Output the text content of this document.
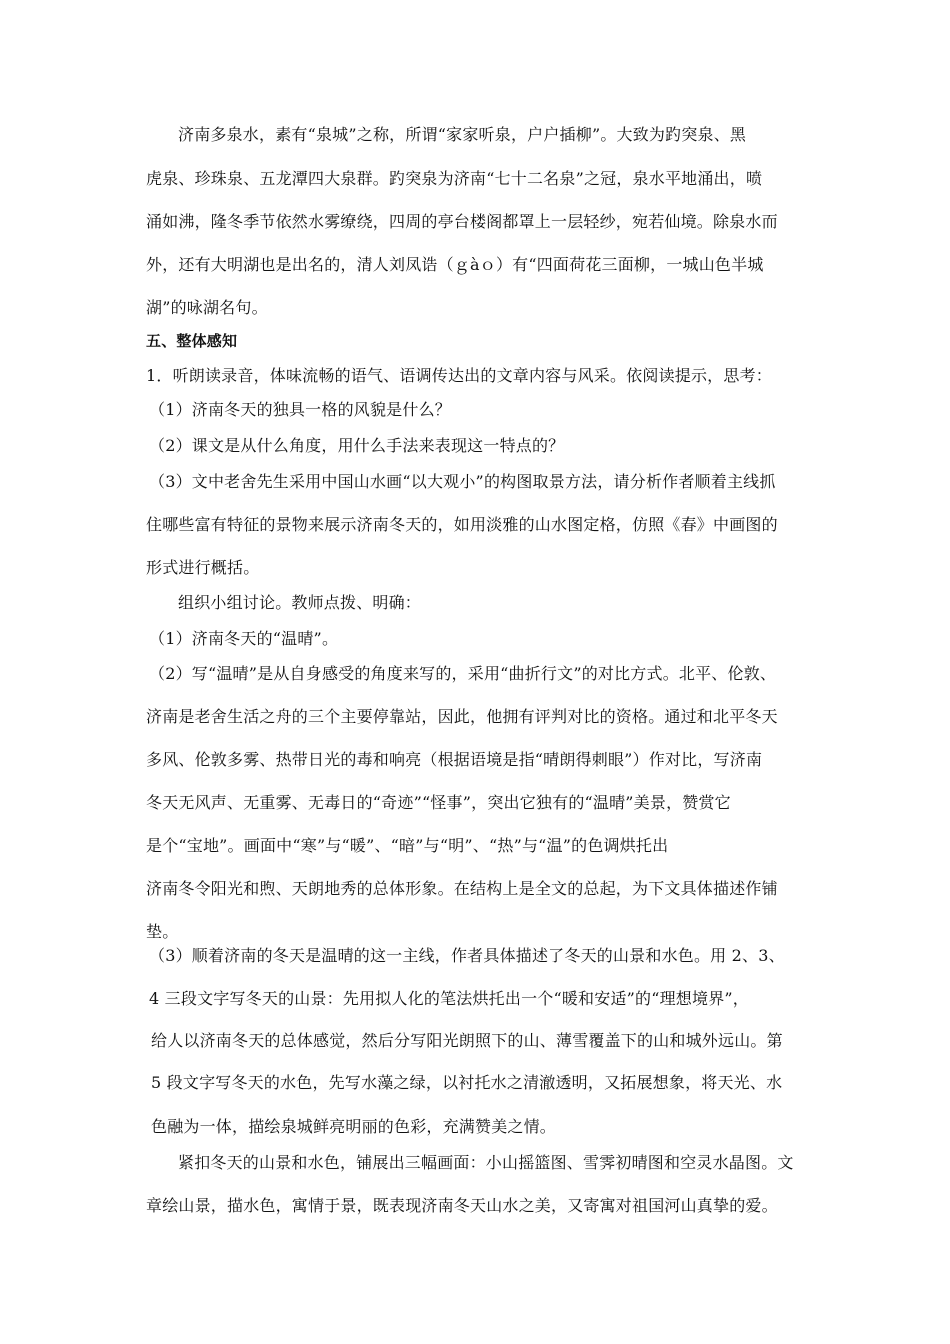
济南多泉水，素有“泉城”之称，所谓“家家听泉，户户插柳”。大致为趵突泉、黑
虎泉、珍珠泉、五龙潭四大泉群。趵突泉为济南“七十二名泉”之冠，泉水平地涌出，喷
涌如沸，隆冬季节依然水雾缭绕，四周的亭台楼阁都罩上一层轻纱，宛若仙境。除泉水而
外，还有大明湖也是出名的，清人刘凤诰（ｇàｏ）有“四面荷花三面柳，一城山色半城
湖”的咏湖名句。
五、整体感知
1．听朗读录音，体味流畅的语气、语调传达出的文章内容与风采。依阅读提示，思考：
（1）济南冬天的独具一格的风貌是什么？
（2）课文是从什么角度，用什么手法来表现这一特点的？
（3）文中老舍先生采用中国山水画“以大观小”的构图取景方法，请分析作者顺着主线抓
住哪些富有特征的景物来展示济南冬天的，如用淡雅的山水图定格，仿照《春》中画图的
形式进行概括。
组织小组讨论。教师点拨、明确：
（1）济南冬天的“温晴”。
（2）写“温晴”是从自身感受的角度来写的，采用“曲折行文”的对比方式。北平、伦敦、
济南是老舍生活之舟的三个主要停靠站，因此，他拥有评判对比的资格。通过和北平冬天
多风、伦敦多雾、热带日光的毒和响亮（根据语境是指“晴朗得刺眼”）作对比，写济南
冬天无风声、无重雾、无毒日的“奇迹”“怪事”，突出它独有的“温晴”美景，赞赏它
是个“宝地”。画面中“寒”与“暖”、“暗”与“明”、“热”与“温”的色调烘托出
济南冬令阳光和煦、天朗地秀的总体形象。在结构上是全文的总起，为下文具体描述作铺
垫。
（3）顺着济南的冬天是温晴的这一主线，作者具体描述了冬天的山景和水色。用 2、3、
4 三段文字写冬天的山景：先用拟人化的笔法烘托出一个“暖和安适”的“理想境界”，
给人以济南冬天的总体感觉，然后分写阳光朗照下的山、薄雪覆盖下的山和城外远山。第
5 段文字写冬天的水色，先写水藻之绿，以衬托水之清澈透明，又拓展想象，将天光、水
色融为一体，描绘泉城鲜亮明丽的色彩，充满赞美之情。
紧扣冬天的山景和水色，铺展出三幅画面：小山摇篮图、雪霁初晴图和空灵水晶图。文
章绘山景，描水色，寓情于景，既表现济南冬天山水之美，又寄寓对祖国河山真挚的爱。
